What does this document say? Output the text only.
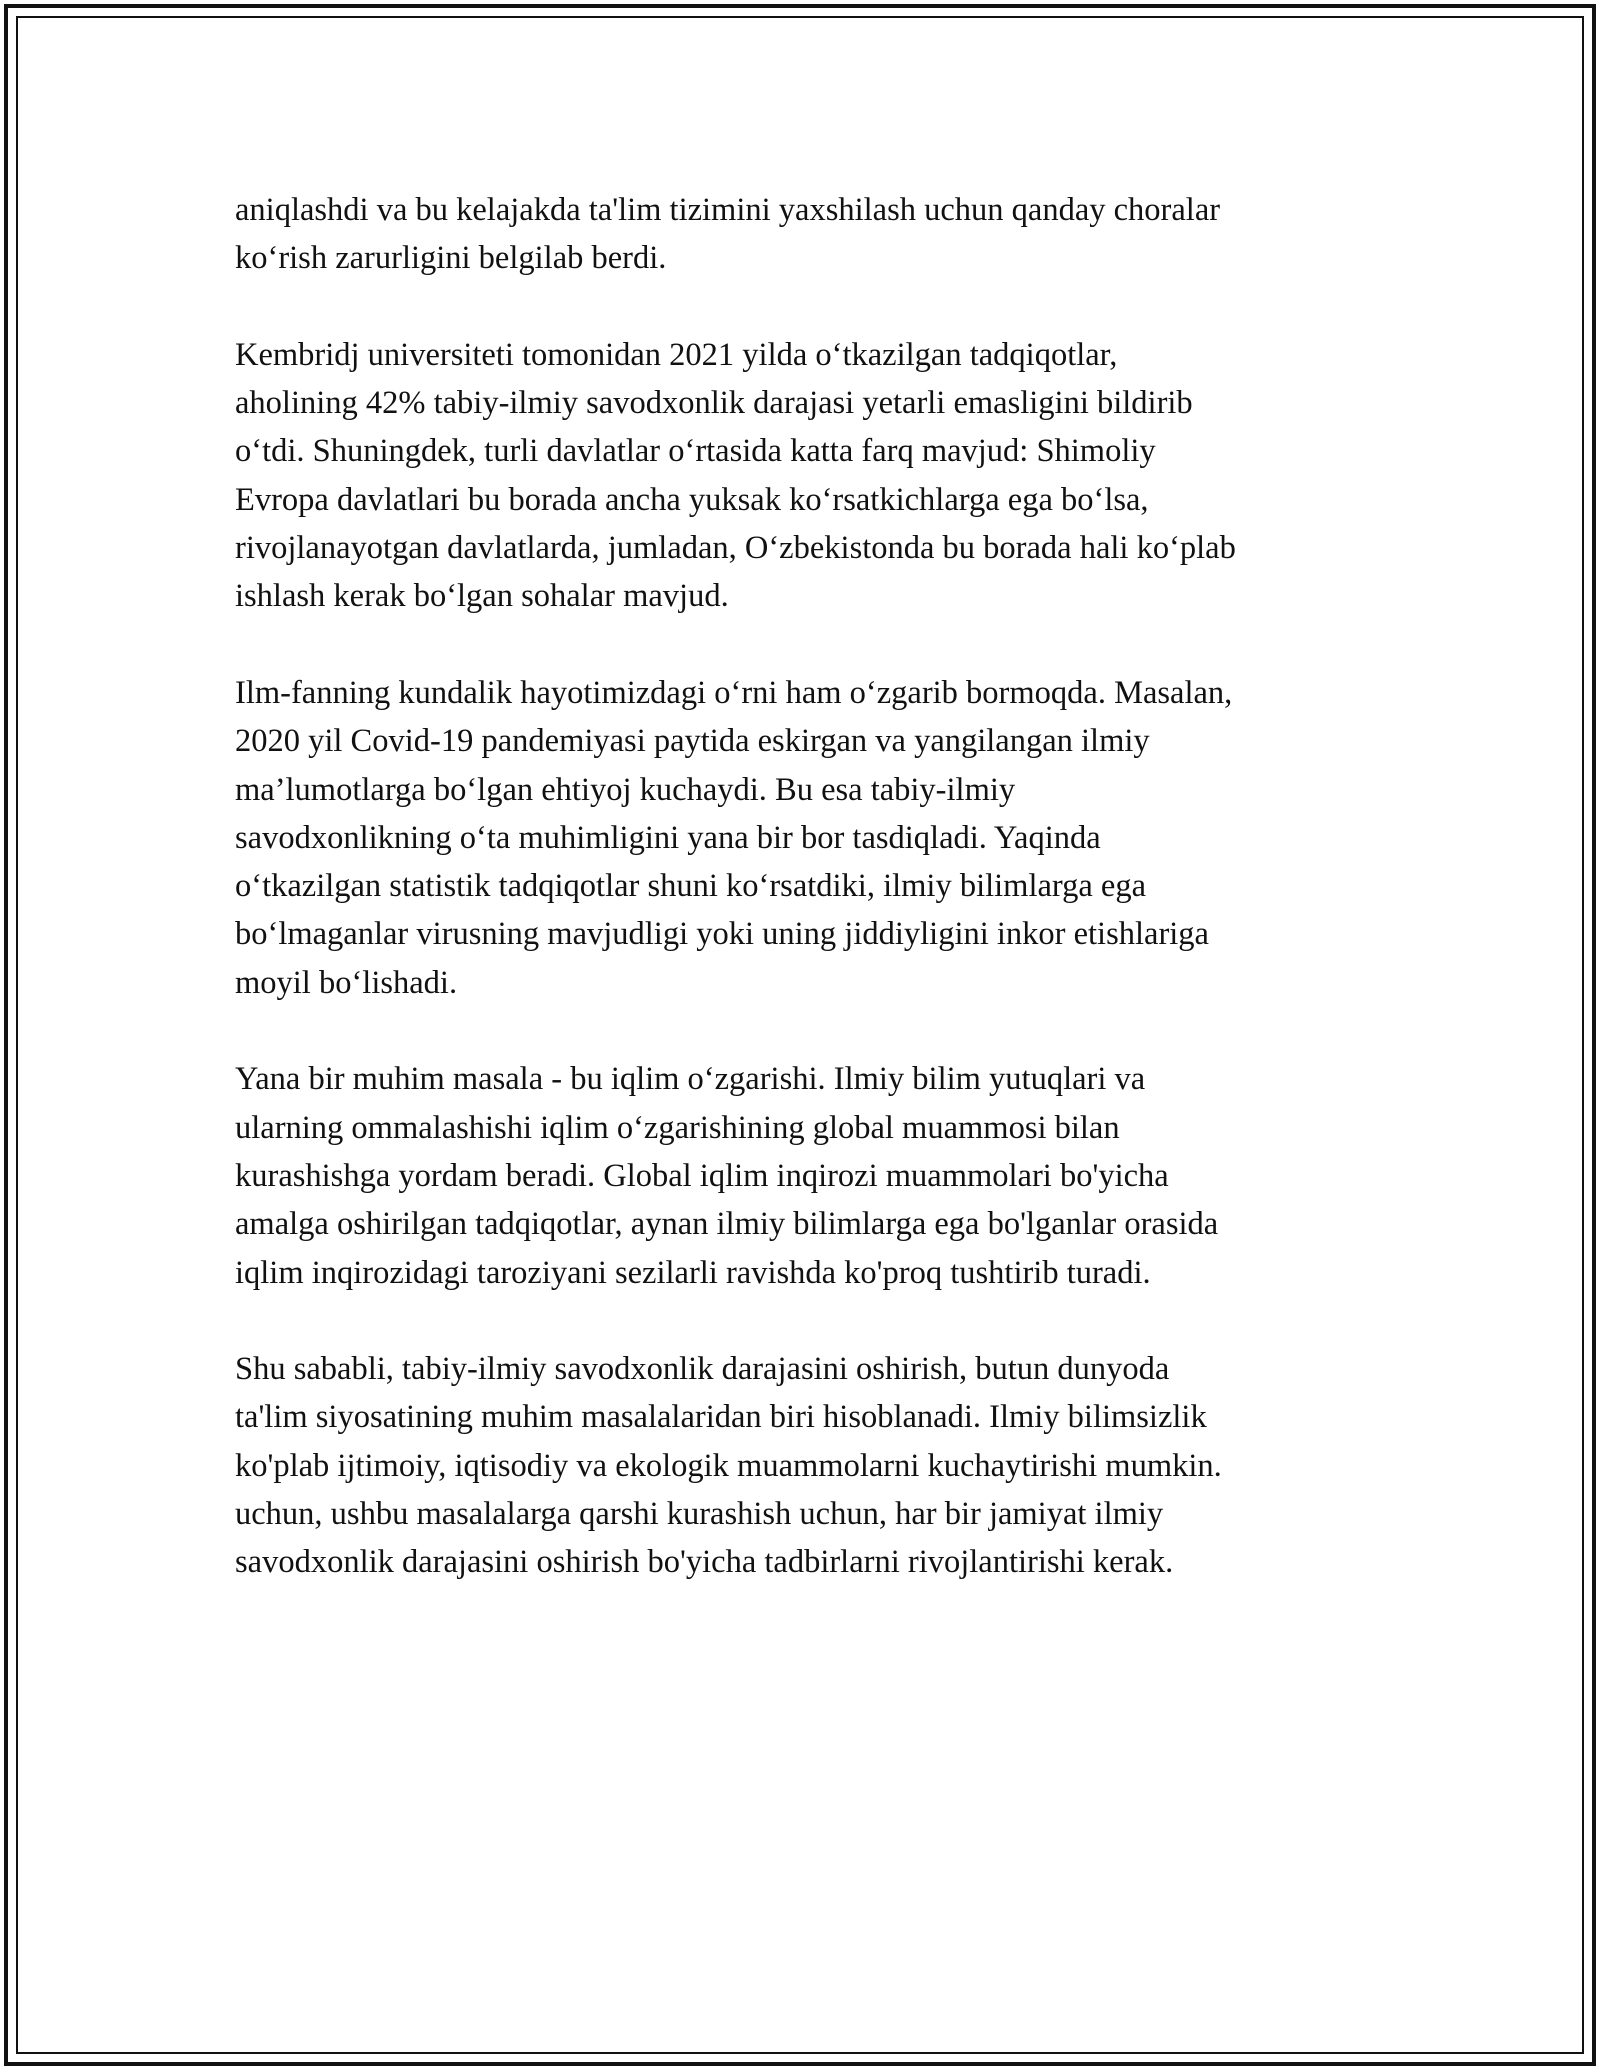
aniqlashdi va bu kelajakda ta'lim tizimini yaxshilash uchun qanday choralar
ko‘rish zarurligini belgilab berdi.

Kembridj universiteti tomonidan 2021 yilda o‘tkazilgan tadqiqotlar,
aholining 42% tabiy-ilmiy savodxonlik darajasi yetarli emasligini bildirib
o‘tdi. Shuningdek, turli davlatlar o‘rtasida katta farq mavjud: Shimoliy
Evropa davlatlari bu borada ancha yuksak ko‘rsatkichlarga ega bo‘lsa,
rivojlanayotgan davlatlarda, jumladan, O‘zbekistonda bu borada hali ko‘plab
ishlash kerak bo‘lgan sohalar mavjud.

Ilm-fanning kundalik hayotimizdagi o‘rni ham o‘zgarib bormoqda. Masalan,
2020 yil Covid-19 pandemiyasi paytida eskirgan va yangilangan ilmiy
ma’lumotlarga bo‘lgan ehtiyoj kuchaydi. Bu esa tabiy-ilmiy
savodxonlikning o‘ta muhimligini yana bir bor tasdiqladi. Yaqinda
o‘tkazilgan statistik tadqiqotlar shuni ko‘rsatdiki, ilmiy bilimlarga ega
bo‘lmaganlar virusning mavjudligi yoki uning jiddiyligini inkor etishlariga
moyil bo‘lishadi.

Yana bir muhim masala - bu iqlim o‘zgarishi. Ilmiy bilim yutuqlari va
ularning ommalashishi iqlim o‘zgarishining global muammosi bilan
kurashishga yordam beradi. Global iqlim inqirozi muammolari bo'yicha
amalga oshirilgan tadqiqotlar, aynan ilmiy bilimlarga ega bo'lganlar orasida
iqlim inqirozidagi taroziyani sezilarli ravishda ko'proq tushtirib turadi.

Shu sababli, tabiy-ilmiy savodxonlik darajasini oshirish, butun dunyoda
ta'lim siyosatining muhim masalalaridan biri hisoblanadi. Ilmiy bilimsizlik
ko'plab ijtimoiy, iqtisodiy va ekologik muammolarni kuchaytirishi mumkin.
uchun, ushbu masalalarga qarshi kurashish uchun, har bir jamiyat ilmiy
savodxonlik darajasini oshirish bo'yicha tadbirlarni rivojlantirishi kerak.
